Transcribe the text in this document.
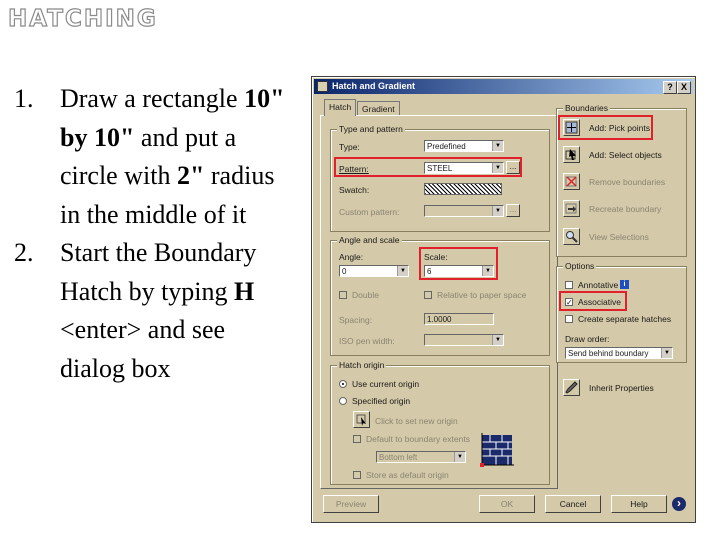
HATCHING
1. Draw a rectangle 10" by 10" and put a circle with 2" radius in the middle of it
2. Start the Boundary Hatch by typing H <enter> and see dialog box
Hatch and Gradient	? X
Hatch	Gradient
Type and pattern
Type:	Predefined	▼
Pattern:	STEEL	▼ ...
Swatch:
Custom pattern:	▼ ...
Angle and scale
Angle:
0	▼
Scale:
6	▼
Double	Relative to paper space
Spacing:	1.0000
ISO pen width:	▼
Hatch origin
Use current origin
Specified origin
Click to set new origin
Default to boundary extents
Bottom left	▼
Store as default origin
Boundaries
Add: Pick points
Add: Select objects
Remove boundaries
Recreate boundary
View Selections
Options
Annotative i
✓ Associative
Create separate hatches
Draw order:
Send behind boundary	▼
Inherit Properties
Preview	OK	Cancel	Help	›
